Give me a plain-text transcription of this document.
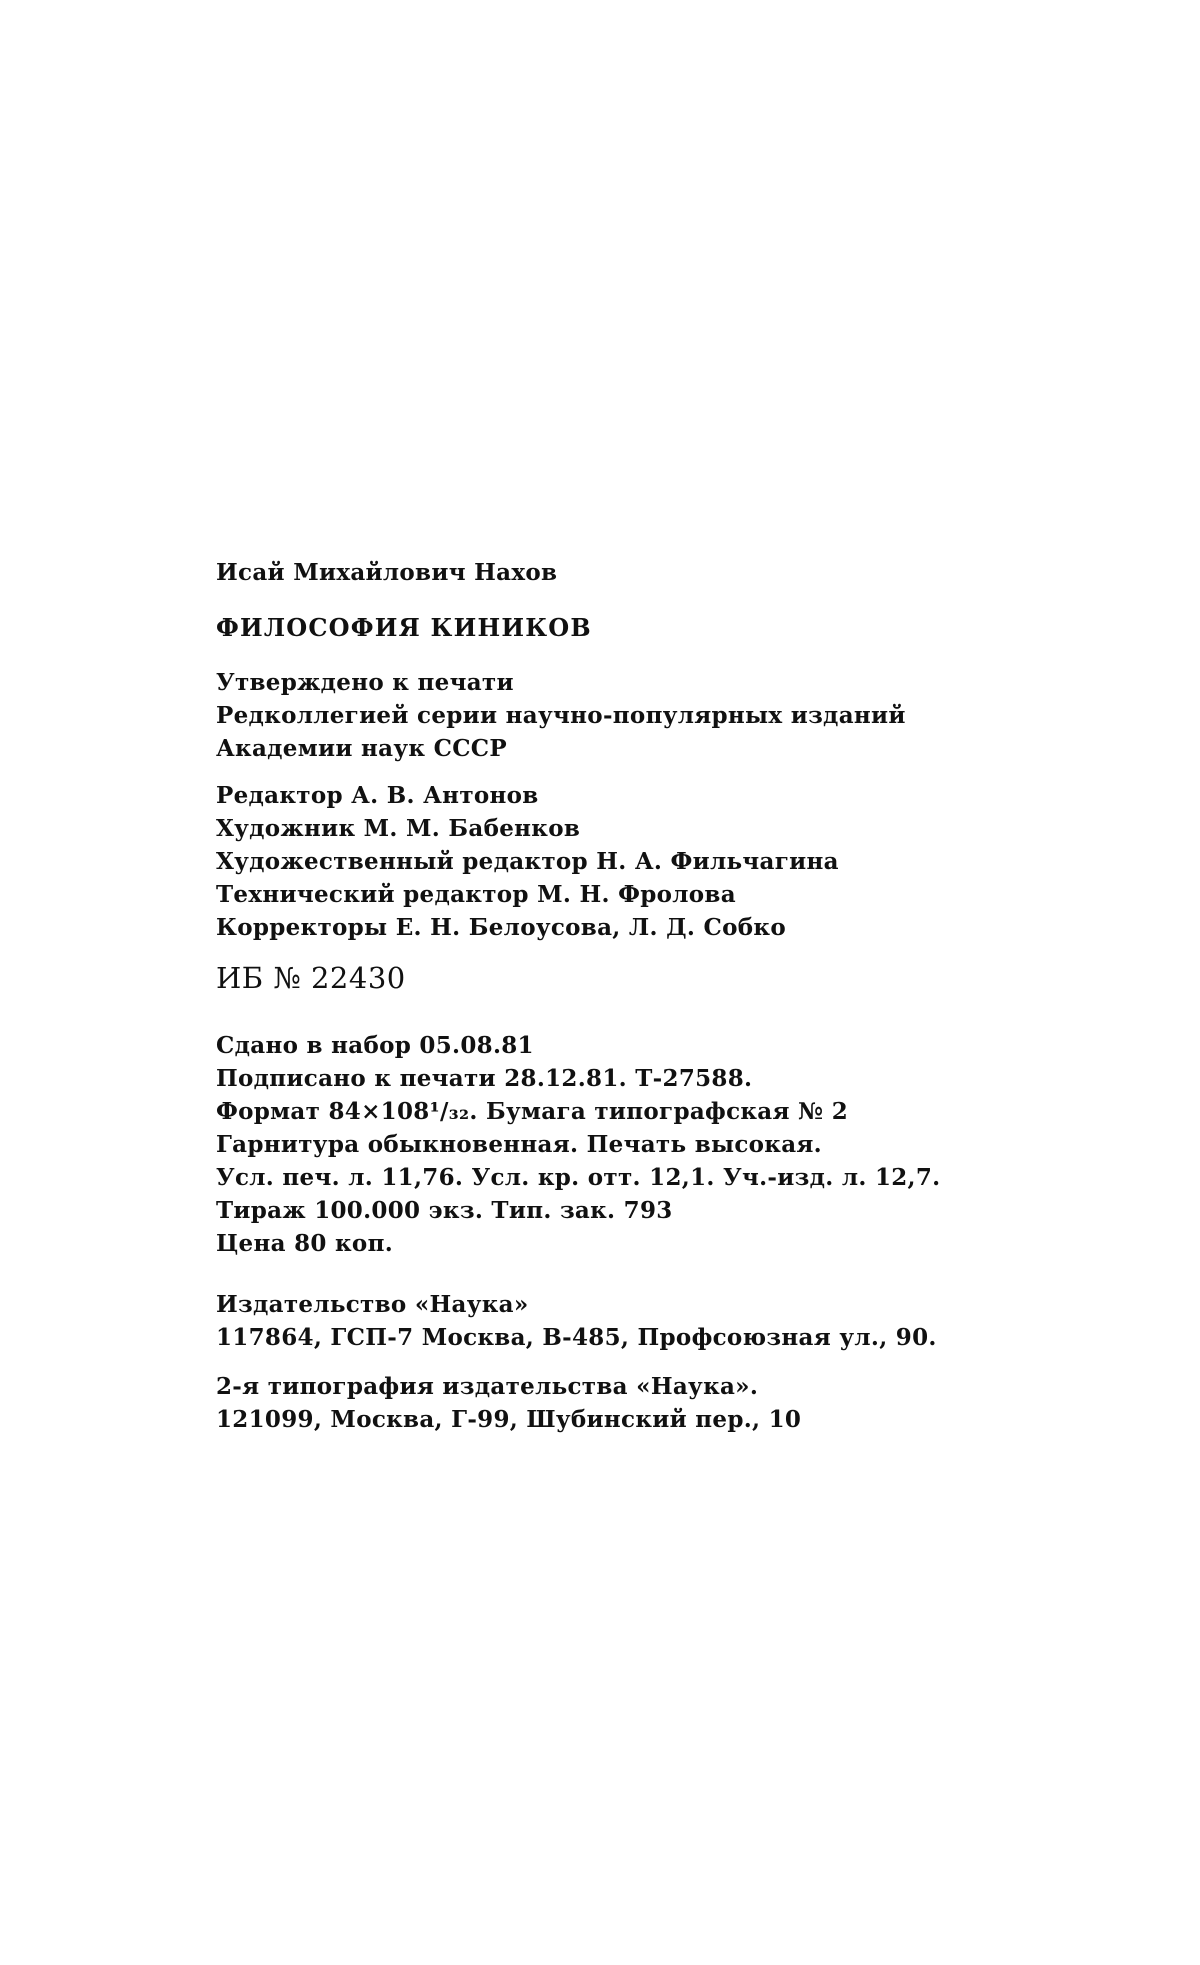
Исай Михайлович Нахов
ФИЛОСОФИЯ КИНИКОВ
Утверждено к печати
Редколлегией серии научно-популярных изданий
Академии наук СССР
Редактор А. В. Антонов
Художник М. М. Бабенков
Художественный редактор Н. А. Фильчагина
Технический редактор М. Н. Фролова
Корректоры Е. Н. Белоусова, Л. Д. Собко
ИБ № 22430
Сдано в набор 05.08.81
Подписано к печати 28.12.81. Т-27588.
Формат 84×108¹/₃₂. Бумага типографская № 2
Гарнитура обыкновенная. Печать высокая.
Усл. печ. л. 11,76. Усл. кр. отт. 12,1. Уч.-изд. л. 12,7.
Тираж 100.000 экз. Тип. зак. 793
Цена 80 коп.
Издательство «Наука»
117864, ГСП-7 Москва, В-485, Профсоюзная ул., 90.
2-я типография издательства «Наука».
121099, Москва, Г-99, Шубинский пер., 10
